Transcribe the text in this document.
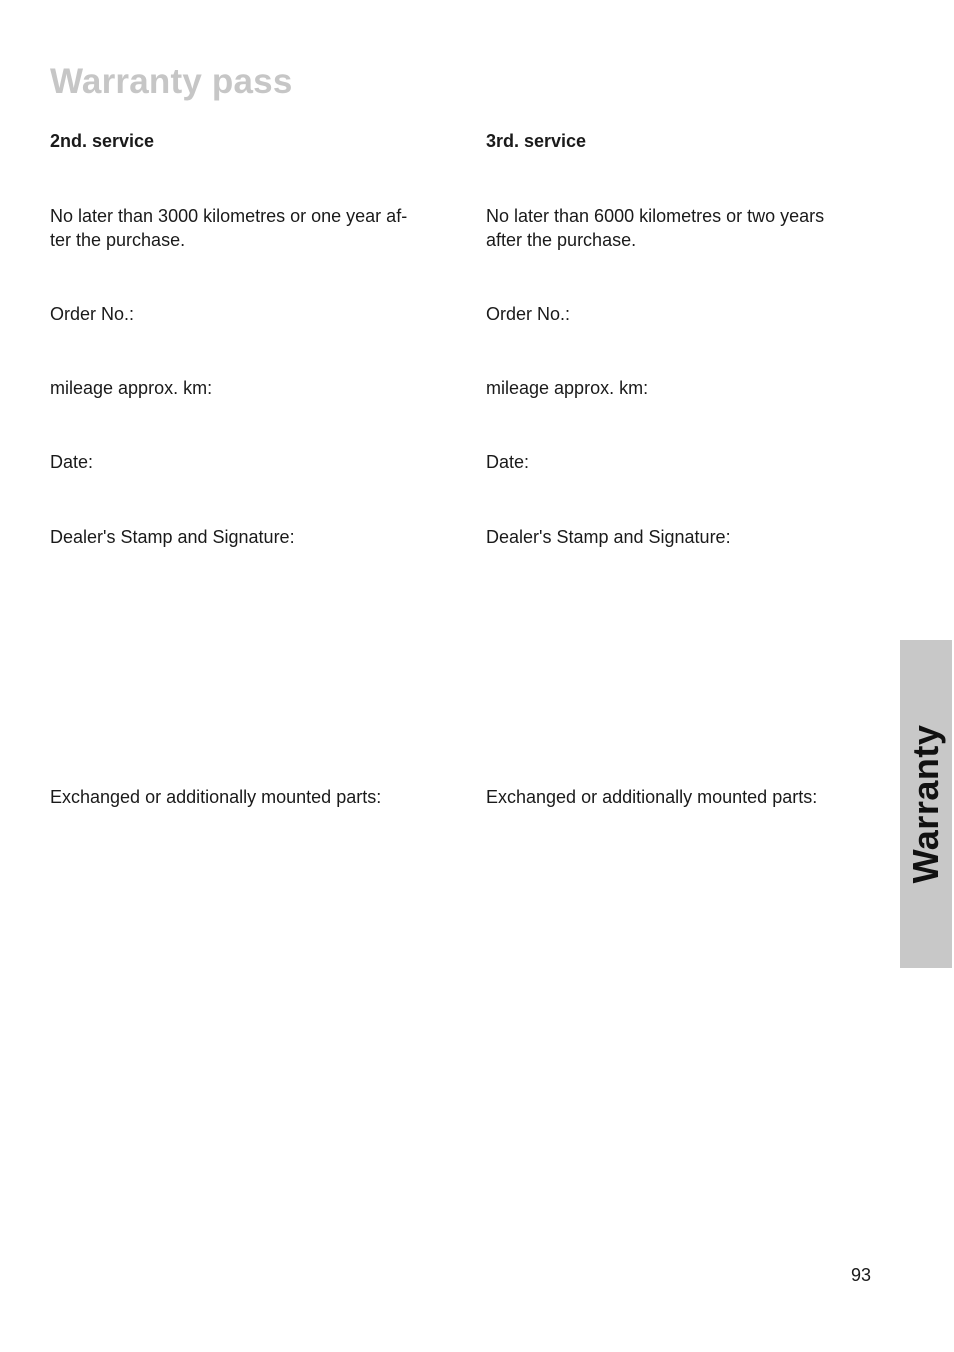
Warranty pass
2nd. service

No later than 3000 kilometres or one year af-
ter the purchase.

Order No.:

mileage approx. km:

Date:

Dealer's Stamp and Signature:

Exchanged or additionally mounted parts:

3rd. service

No later than 6000 kilometres or two years
after the purchase.

Order No.:

mileage approx. km:

Date:

Dealer's Stamp and Signature:

Exchanged or additionally mounted parts: Warranty
93
